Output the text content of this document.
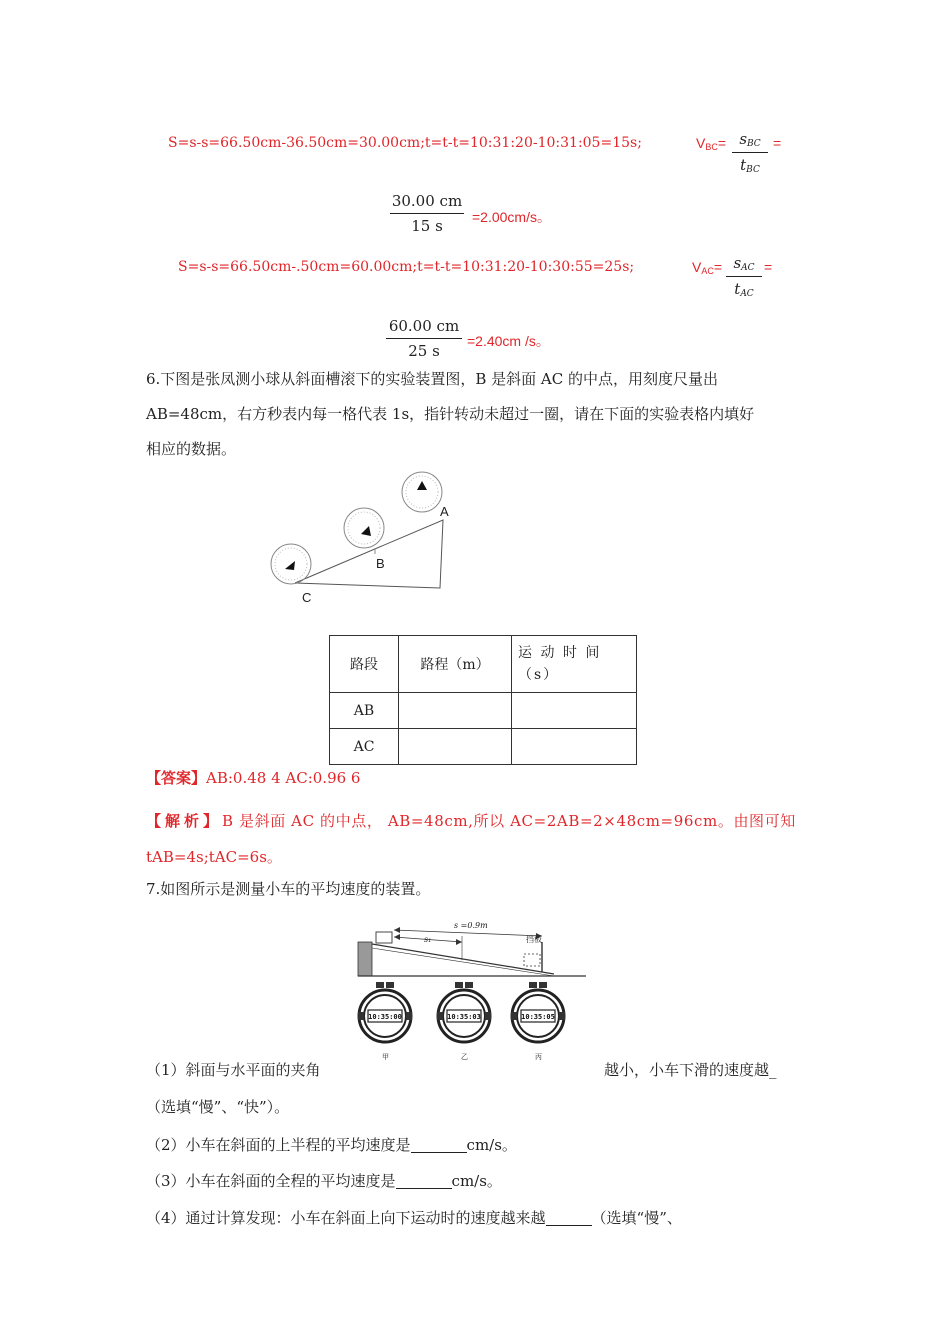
S=s-s=66.50cm-36.50cm=30.00cm;t=t-t=10:31:20-10:31:05=15s;	$V_{BC}= s_{BC}$
$t_{BC}$
=
30.00 cm
15 s	=2.00cm/s。
S=s-s=66.50cm-.50cm=60.00cm;t=t-t=10:31:20-10:30:55=25s;	$V_{AC}= s_{AC}$
$t_{AC}$
=
60.00 cm
25 s
=2.40cm /s。
6.下图是张凤测小球从斜面槽滚下的实验装置图，B 是斜面 AC 的中点，用刻度尺量出
AB=48cm，右方秒表内每一格代表 1s，指针转动未超过一圈，请在下面的实验表格内填好
相应的数据。
A
B
C
路段	路程（m）	运 动 时 间（s）
AB		
AC		
【答案】AB:0.48 4 AC:0.96 6
【解析】B 是斜面 AC 的中点， AB=48cm,所以 AC=2AB=2×48cm=96cm。由图可知
tAB=4s;tAC=6s。
7.如图所示是测量小车的平均速度的装置。
s =0.9m
s₁	挡板
10:35:00
甲
10:35:03
乙
10:35:05
丙
（1）斜面与水平面的夹角	越小，小车下滑的速度越_
（选填“慢”、“快”）。
（2）小车在斜面的上半程的平均速度是	cm/s。
（3）小车在斜面的全程的平均速度是	cm/s。
（4）通过计算发现：小车在斜面上向下运动时的速度越来越	（选填“慢”、
